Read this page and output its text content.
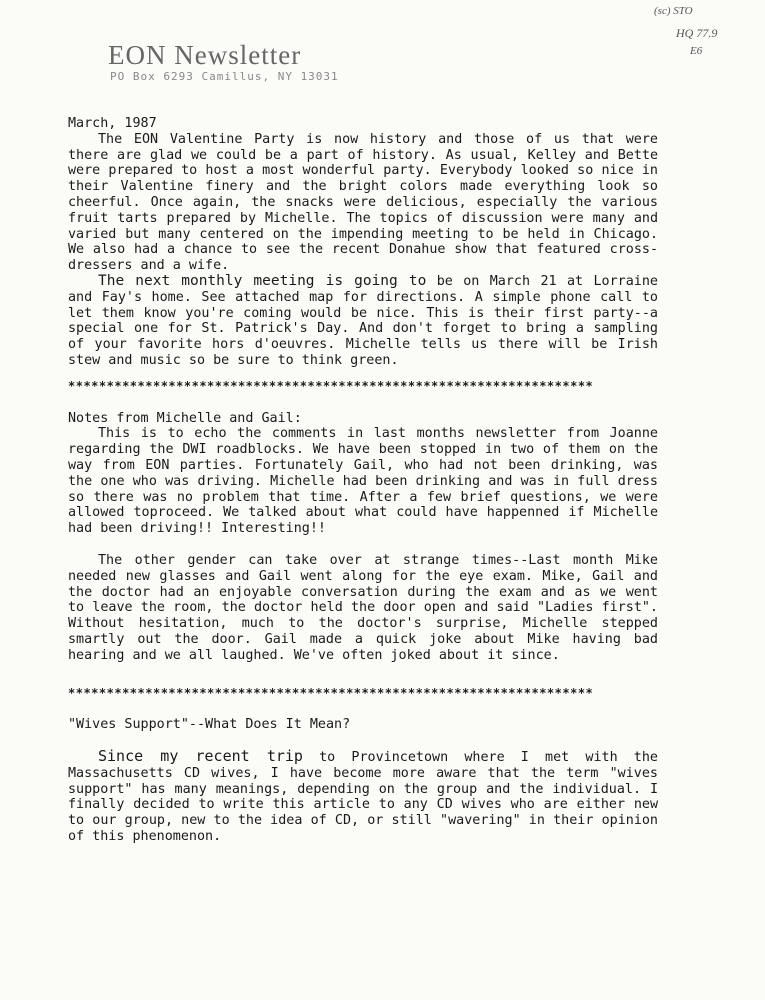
(sc) STO
HQ 77.9
E6
EON Newsletter
PO Box 6293 Camillus, NY 13031

March, 1987

The EON Valentine Party is now history and those of us that were there are glad we could be a part of history. As usual, Kelley and Bette were prepared to host a most wonderful party. Everybody looked so nice in their Valentine finery and the bright colors made everything look so cheerful. Once again, the snacks were delicious, especially the various fruit tarts prepared by Michelle. The topics of discussion were many and varied but many centered on the impending meeting to be held in Chicago. We also had a chance to see the recent Donahue show that featured cross-dressers and a wife.

The next monthly meeting is going to be on March 21 at Lorraine and Fay's home. See attached map for directions. A simple phone call to let them know you're coming would be nice. This is their first party--a special one for St. Patrick's Day. And don't forget to bring a sampling of your favorite hors d'oeuvres. Michelle tells us there will be Irish stew and music so be sure to think green.

********************************************************************

Notes from Michelle and Gail:

This is to echo the comments in last months newsletter from Joanne regarding the DWI roadblocks. We have been stopped in two of them on the way from EON parties. Fortunately Gail, who had not been drinking, was the one who was driving. Michelle had been drinking and was in full dress so there was no problem that time. After a few brief questions, we were allowed toproceed. We talked about what could have happenned if Michelle had been driving!! Interesting!!

The other gender can take over at strange times--Last month Mike needed new glasses and Gail went along for the eye exam. Mike, Gail and the doctor had an enjoyable conversation during the exam and as we went to leave the room, the doctor held the door open and said "Ladies first". Without hesitation, much to the doctor's surprise, Michelle stepped smartly out the door. Gail made a quick joke about Mike having bad hearing and we all laughed. We've often joked about it since.

********************************************************************

"Wives Support"--What Does It Mean?

Since my recent trip to Provincetown where I met with the Massachusetts CD wives, I have become more aware that the term "wives support" has many meanings, depending on the group and the individual. I finally decided to write this article to any CD wives who are either new to our group, new to the idea of CD, or still "wavering" in their opinion of this phenomenon.
